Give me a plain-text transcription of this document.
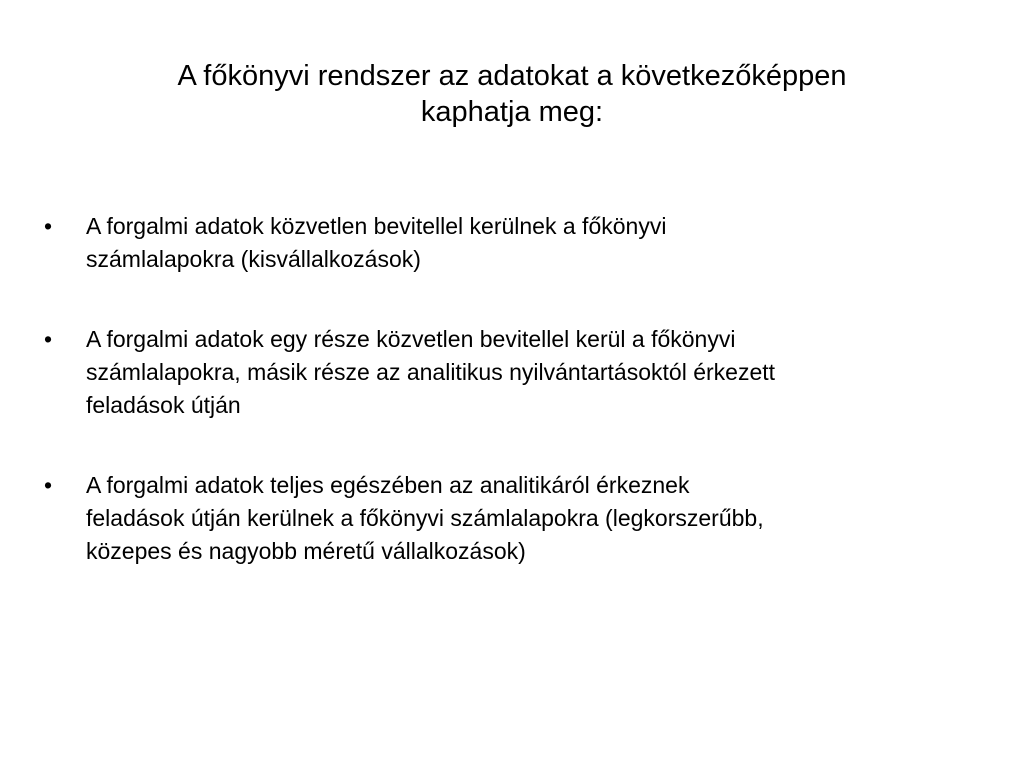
A főkönyvi rendszer az adatokat a következőképpen
kaphatja meg:
•	A forgalmi adatok közvetlen bevitellel kerülnek a főkönyvi
számlalapokra (kisvállalkozások)
•	A forgalmi adatok egy része közvetlen bevitellel kerül a főkönyvi
számlalapokra, másik része az analitikus nyilvántartásoktól érkezett
feladások útján
•	A forgalmi adatok teljes egészében az analitikáról érkeznek
feladások útján kerülnek a főkönyvi számlalapokra (legkorszerűbb,
közepes és nagyobb méretű vállalkozások)
